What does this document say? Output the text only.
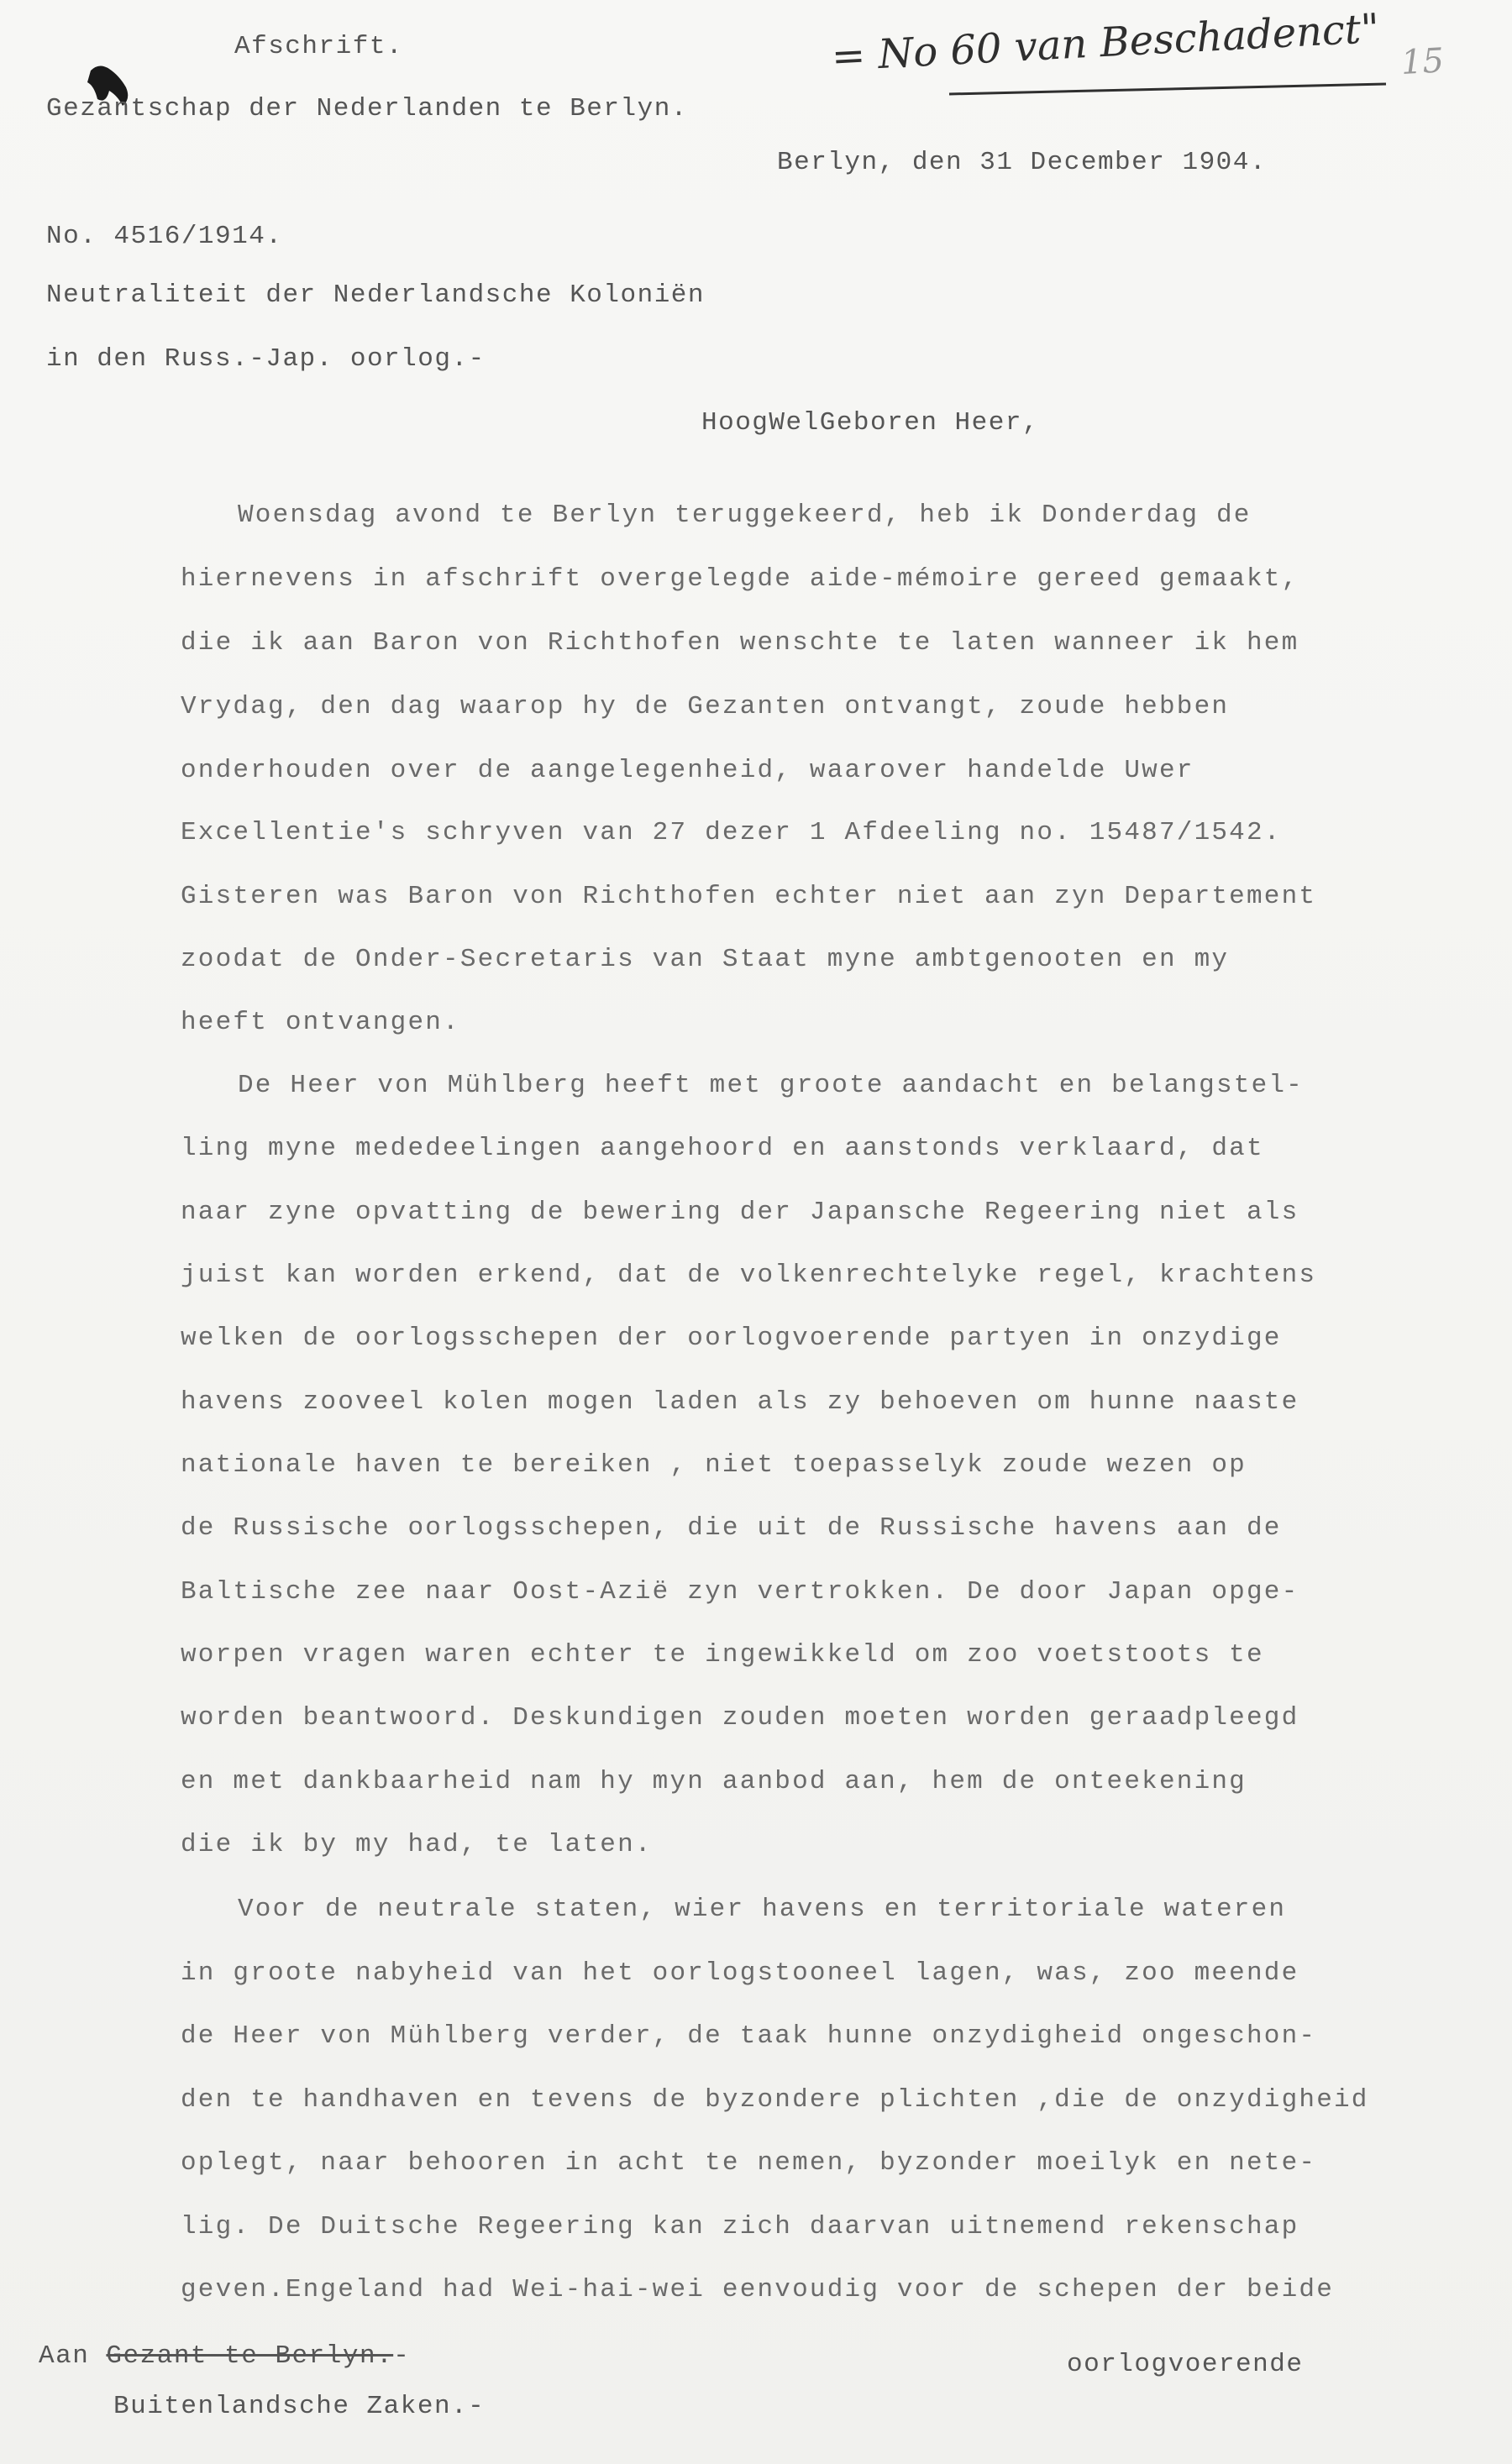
Afschrift.
Gezantschap der Nederlanden te Berlyn.
= No 60 van Beschadenct" 15
Berlyn, den 31 December 1904.
No. 4516/1914.
Neutraliteit der Nederlandsche Koloniën
in den Russ.-Jap. oorlog.-
HoogWelGeboren Heer,
Woensdag avond te Berlyn teruggekeerd, heb ik Donderdag de
hiernevens in afschrift overgelegde aide-mémoire gereed gemaakt,
die ik aan Baron von Richthofen wenschte te laten wanneer ik hem
Vrydag, den dag waarop hy de Gezanten ontvangt, zoude hebben
onderhouden over de aangelegenheid, waarover handelde Uwer
Excellentie's schryven van 27 dezer 1 Afdeeling no. 15487/1542.
Gisteren was Baron von Richthofen echter niet aan zyn Departement
zoodat de Onder-Secretaris van Staat myne ambtgenooten en my
heeft ontvangen.
De Heer von Mühlberg heeft met groote aandacht en belangstel-
ling myne mededeelingen aangehoord en aanstonds verklaard, dat
naar zyne opvatting de bewering der Japansche Regeering niet als
juist kan worden erkend, dat de volkenrechtelyke regel, krachtens
welken de oorlogsschepen der oorlogvoerende partyen in onzydige
havens zooveel kolen mogen laden als zy behoeven om hunne naaste
nationale haven te bereiken , niet toepasselyk zoude wezen op
de Russische oorlogsschepen, die uit de Russische havens aan de
Baltische zee naar Oost-Azië zyn vertrokken. De door Japan opge-
worpen vragen waren echter te ingewikkeld om zoo voetstoots te
worden beantwoord. Deskundigen zouden moeten worden geraadpleegd
en met dankbaarheid nam hy myn aanbod aan, hem de onteekening
die ik by my had, te laten.
Voor de neutrale staten, wier havens en territoriale wateren
in groote nabyheid van het oorlogstooneel lagen, was, zoo meende
de Heer von Mühlberg verder, de taak hunne onzydigheid ongeschon-
den te handhaven en tevens de byzondere plichten ,die de onzydigheid
oplegt, naar behooren in acht te nemen, byzonder moeilyk en nete-
lig. De Duitsche Regeering kan zich daarvan uitnemend rekenschap
geven.Engeland had Wei-hai-wei eenvoudig voor de schepen der beide
Aan Gezant te Berlyn.-
Buitenlandsche Zaken.-
oorlogvoerende
